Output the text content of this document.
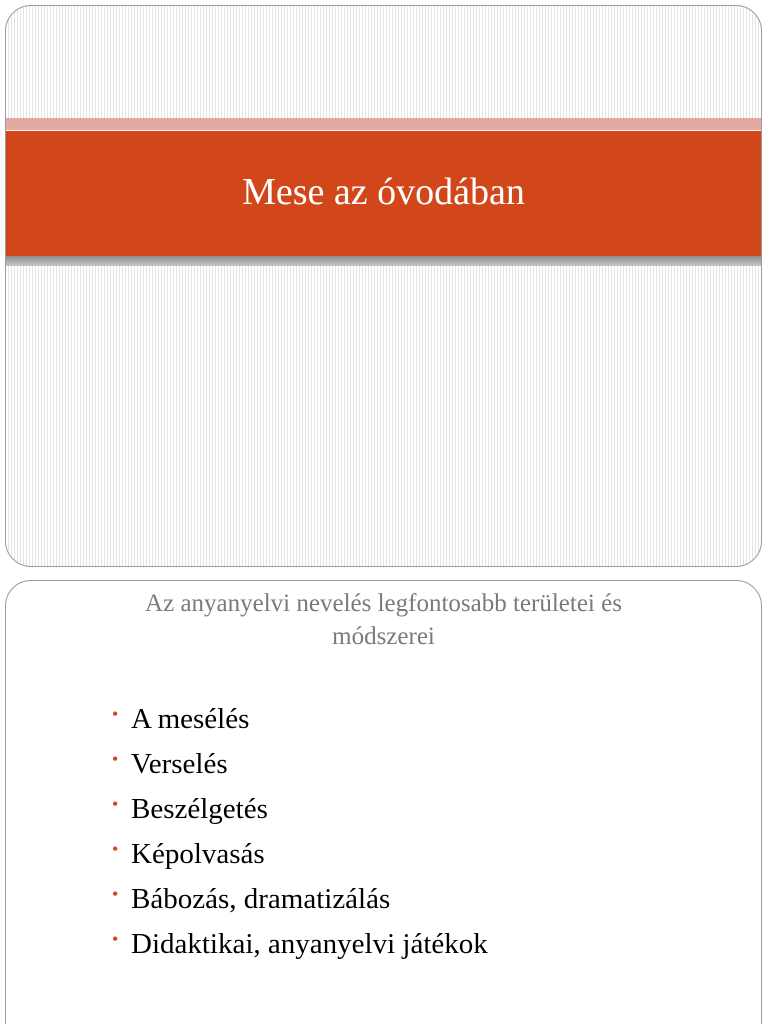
Mese az óvodában
Az anyanyelvi nevelés legfontosabb területei és
módszerei
• A mesélés
• Verselés
• Beszélgetés
• Képolvasás
• Bábozás, dramatizálás
• Didaktikai, anyanyelvi játékok
